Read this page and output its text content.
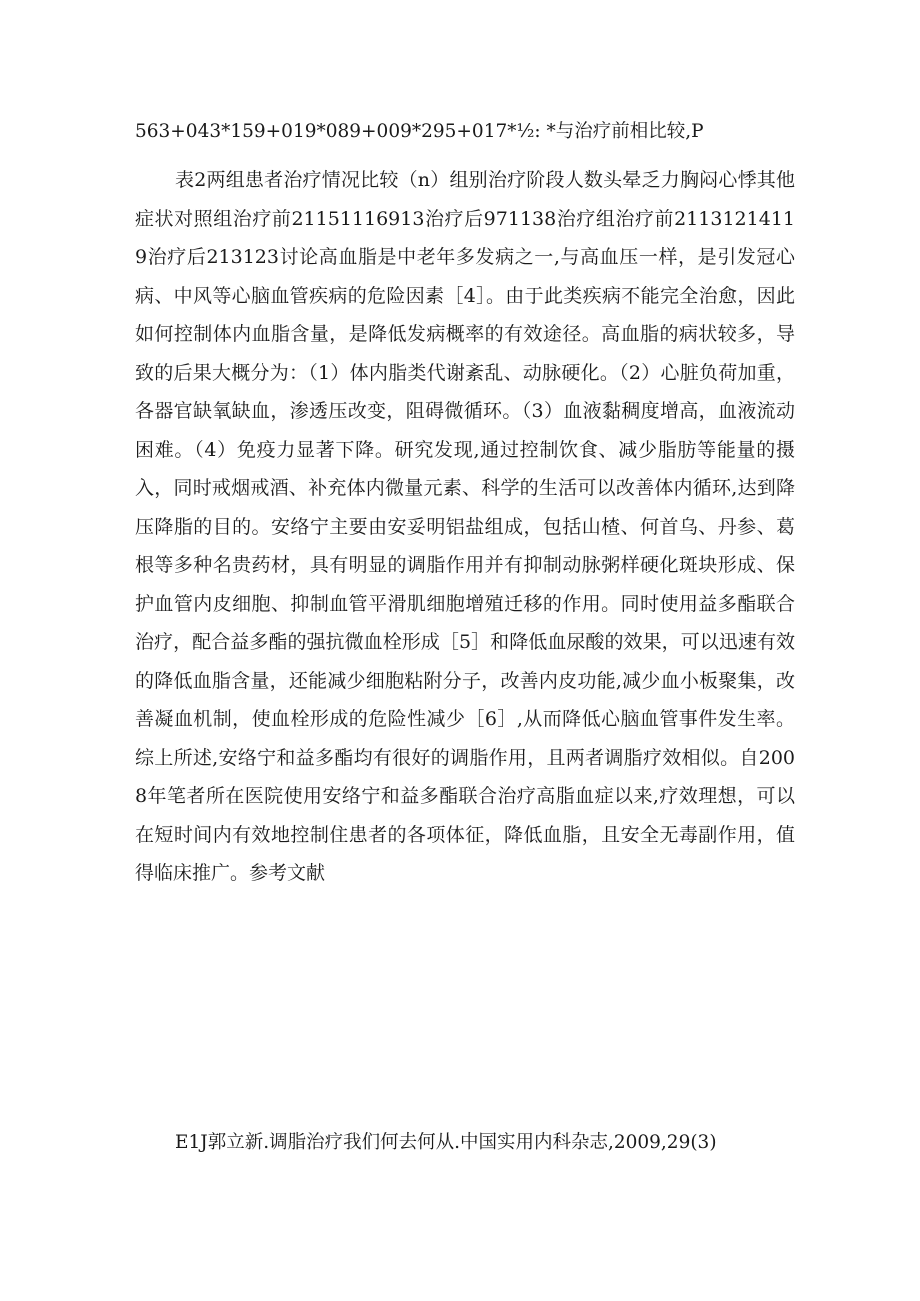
563+043*159+019*089+009*295+017*½: *与治疗前相比较,P

表2两组患者治疗情况比较（n）组别治疗阶段人数头晕乏力胸闷心悸其他症状对照组治疗前21151116913治疗后971138治疗组治疗前21131214119治疗后213123讨论高血脂是中老年多发病之一,与高血压一样，是引发冠心病、中风等心脑血管疾病的危险因素［4］。由于此类疾病不能完全治愈，因此如何控制体内血脂含量，是降低发病概率的有效途径。高血脂的病状较多，导致的后果大概分为：（1）体内脂类代谢紊乱、动脉硬化。（2）心脏负荷加重，各器官缺氧缺血，渗透压改变，阻碍微循环。（3）血液黏稠度增高，血液流动困难。（4）免疫力显著下降。研究发现,通过控制饮食、减少脂肪等能量的摄入，同时戒烟戒酒、补充体内微量元素、科学的生活可以改善体内循环,达到降压降脂的目的。安络宁主要由安妥明铝盐组成，包括山楂、何首乌、丹参、葛根等多种名贵药材，具有明显的调脂作用并有抑制动脉粥样硬化斑块形成、保护血管内皮细胞、抑制血管平滑肌细胞增殖迁移的作用。同时使用益多酯联合治疗，配合益多酯的强抗微血栓形成［5］和降低血尿酸的效果，可以迅速有效的降低血脂含量，还能减少细胞粘附分子，改善内皮功能,减少血小板聚集，改善凝血机制，使血栓形成的危险性减少［6］,从而降低心脑血管事件发生率。综上所述,安络宁和益多酯均有很好的调脂作用，且两者调脂疗效相似。自2008年笔者所在医院使用安络宁和益多酯联合治疗高脂血症以来,疗效理想，可以在短时间内有效地控制住患者的各项体征，降低血脂，且安全无毒副作用，值得临床推广。参考文献

E1J郭立新.调脂治疗我们何去何从.中国实用内科杂志,2009,29(3)
